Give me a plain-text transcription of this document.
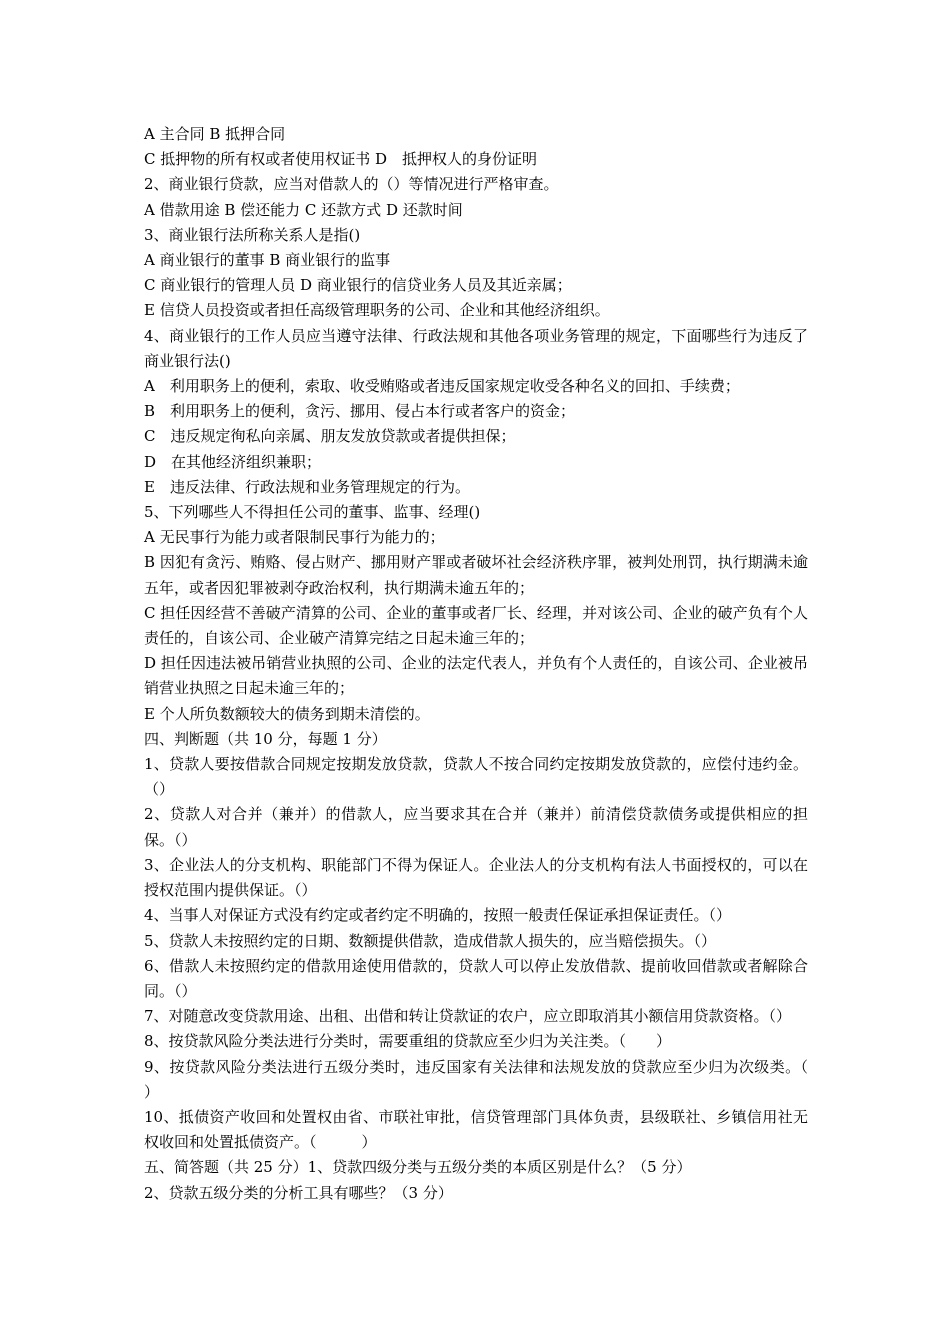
A 主合同 B 抵押合同

C 抵押物的所有权或者使用权证书 D　抵押权人的身份证明

2、商业银行贷款，应当对借款人的（）等情况进行严格审查。

A 借款用途 B 偿还能力 C 还款方式 D 还款时间

3、商业银行法所称关系人是指()

A 商业银行的董事 B 商业银行的监事

C 商业银行的管理人员 D 商业银行的信贷业务人员及其近亲属；

E 信贷人员投资或者担任高级管理职务的公司、企业和其他经济组织。

4、商业银行的工作人员应当遵守法律、行政法规和其他各项业务管理的规定，下面哪些行为违反了商业银行法()

A　利用职务上的便利，索取、收受贿赂或者违反国家规定收受各种名义的回扣、手续费；

B　利用职务上的便利，贪污、挪用、侵占本行或者客户的资金；

C　违反规定徇私向亲属、朋友发放贷款或者提供担保；

D　在其他经济组织兼职；

E　违反法律、行政法规和业务管理规定的行为。

5、下列哪些人不得担任公司的董事、监事、经理()

A 无民事行为能力或者限制民事行为能力的；

B 因犯有贪污、贿赂、侵占财产、挪用财产罪或者破坏社会经济秩序罪，被判处刑罚，执行期满未逾五年，或者因犯罪被剥夺政治权利，执行期满未逾五年的；

C 担任因经营不善破产清算的公司、企业的董事或者厂长、经理，并对该公司、企业的破产负有个人责任的，自该公司、企业破产清算完结之日起未逾三年的；

D 担任因违法被吊销营业执照的公司、企业的法定代表人，并负有个人责任的，自该公司、企业被吊销营业执照之日起未逾三年的；

E 个人所负数额较大的债务到期未清偿的。

四、判断题（共 10 分，每题 1 分）

1、贷款人要按借款合同规定按期发放贷款，贷款人不按合同约定按期发放贷款的，应偿付违约金。（）

2、贷款人对合并（兼并）的借款人，应当要求其在合并（兼并）前清偿贷款债务或提供相应的担保。（）

3、企业法人的分支机构、职能部门不得为保证人。企业法人的分支机构有法人书面授权的，可以在授权范围内提供保证。（）

4、当事人对保证方式没有约定或者约定不明确的，按照一般责任保证承担保证责任。（）

5、贷款人未按照约定的日期、数额提供借款，造成借款人损失的，应当赔偿损失。（）

6、借款人未按照约定的借款用途使用借款的，贷款人可以停止发放借款、提前收回借款或者解除合同。（）

7、对随意改变贷款用途、出租、出借和转让贷款证的农户，应立即取消其小额信用贷款资格。（）

8、按贷款风险分类法进行分类时，需要重组的贷款应至少归为关注类。（　　）

9、按贷款风险分类法进行五级分类时，违反国家有关法律和法规发放的贷款应至少归为次级类。（　　　）

10、抵债资产收回和处置权由省、市联社审批，信贷管理部门具体负责，县级联社、乡镇信用社无权收回和处置抵债资产。（　　　）

五、简答题（共 25 分）1、贷款四级分类与五级分类的本质区别是什么？（5 分）

2、贷款五级分类的分析工具有哪些？（3 分）
